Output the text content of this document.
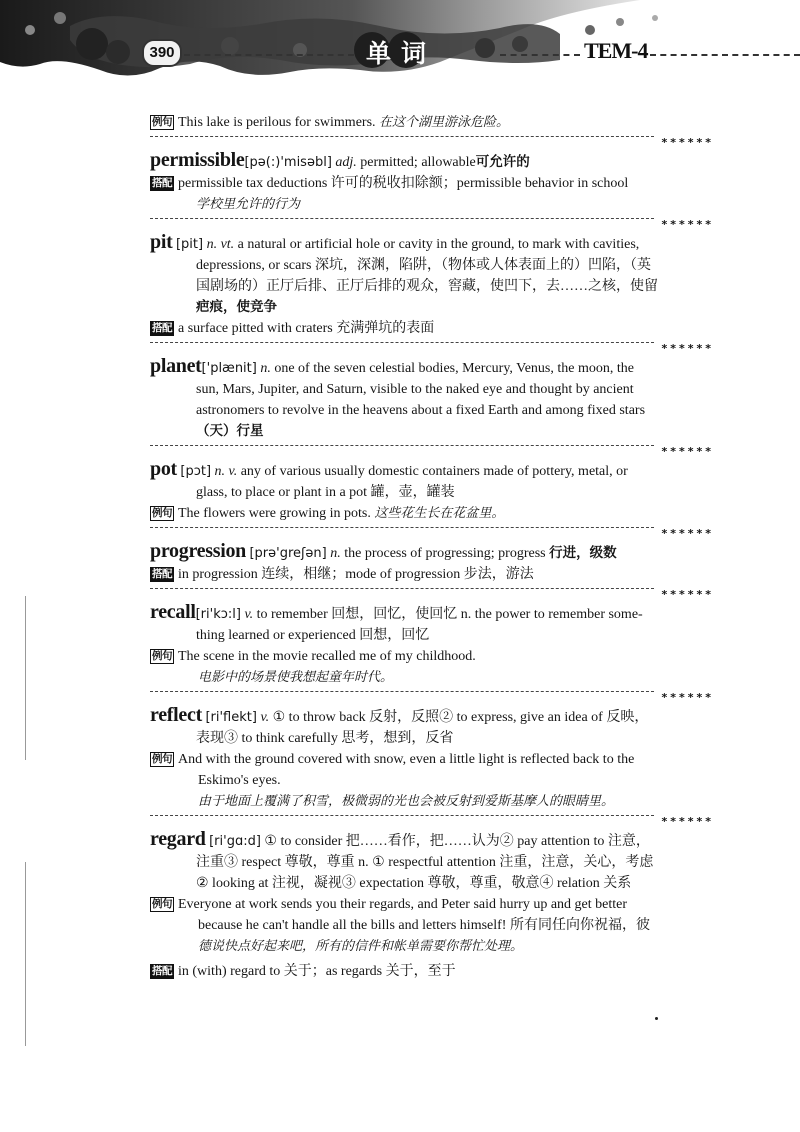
390	单词	TEM-4
例句 This lake is perilous for swimmers. 在这个湖里游泳危险。
******
permissible[pə(:)'misəbl] adj. permitted; allowable可允许的
搭配 permissible tax deductions 许可的税收扣除额；permissible behavior in school
学校里允许的行为
******
pit [pit] n. vt. a natural or artificial hole or cavity in the ground, to mark with cavities,
depressions, or scars 深坑，深渊，陷阱，（物体或人体表面上的）凹陷，（英
国剧场的）正厅后排、正厅后排的观众，窖藏，使凹下，去……之核，使留
疤痕，使竞争
搭配 a surface pitted with craters 充满弹坑的表面
******
planet['plænit] n. one of the seven celestial bodies, Mercury, Venus, the moon, the
sun, Mars, Jupiter, and Saturn, visible to the naked eye and thought by ancient
astronomers to revolve in the heavens about a fixed Earth and among fixed stars
（天）行星
******
pot [pɔt] n. v. any of various usually domestic containers made of pottery, metal, or
glass, to place or plant in a pot 罐，壶，罐装
例句 The flowers were growing in pots. 这些花生长在花盆里。
******
progression [prə'greʃən] n. the process of progressing; progress 行进，级数
搭配 in progression 连续，相继；mode of progression 步法，游法
******
recall[ri'kɔ:l] v. to remember 回想，回忆，使回忆 n. the power to remember some-
thing learned or experienced 回想，回忆
例句 The scene in the movie recalled me of my childhood.
电影中的场景使我想起童年时代。
******
reflect [ri'flekt] v. ① to throw back 反射，反照② to express, give an idea of 反映，
表现③ to think carefully 思考，想到，反省
例句 And with the ground covered with snow, even a little light is reflected back to the
Eskimo's eyes.
由于地面上覆满了积雪，极微弱的光也会被反射到爱斯基摩人的眼睛里。
******
regard [ri'gɑ:d] ① to consider 把……看作，把……认为② pay attention to 注意，
注重③ respect 尊敬，尊重 n. ① respectful attention 注重，注意，关心，考虑
② looking at 注视，凝视③ expectation 尊敬，尊重，敬意④ relation 关系
例句 Everyone at work sends you their regards, and Peter said hurry up and get better
because he can't handle all the bills and letters himself! 所有同任向你祝福，彼
德说快点好起来吧，所有的信件和帐单需要你帮忙处理。
搭配 in (with) regard to 关于；as regards 关于，至于
